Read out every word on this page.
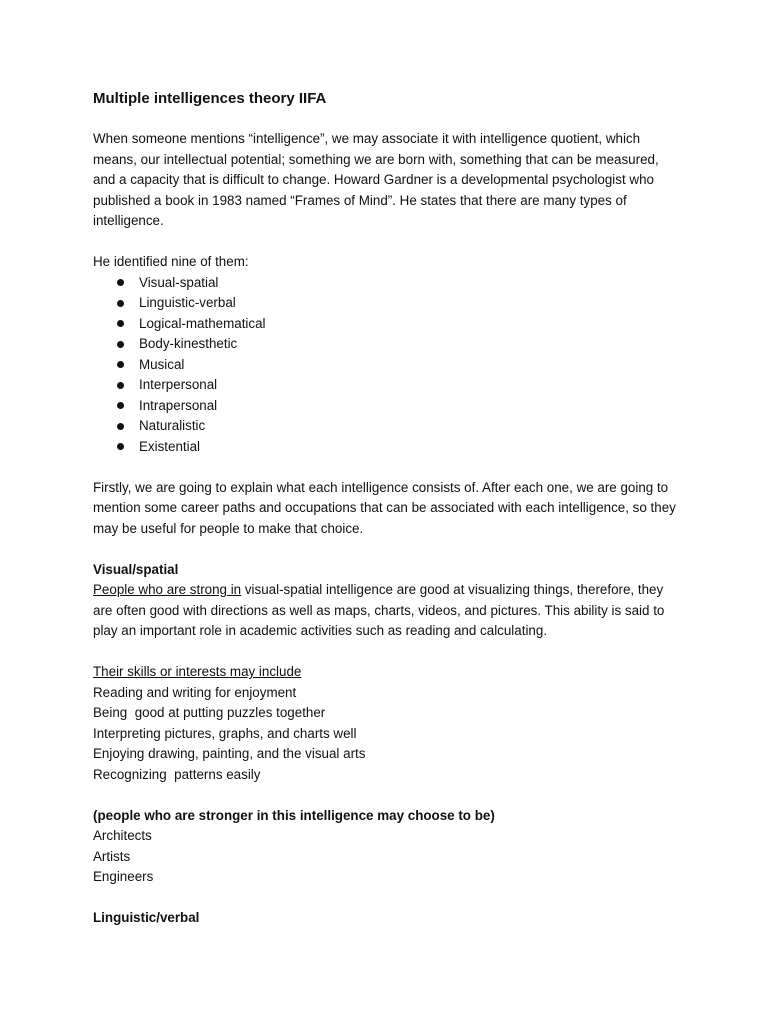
Multiple intelligences theory IIFA

When someone mentions “intelligence”, we may associate it with intelligence quotient, which means, our intellectual potential; something we are born with, something that can be measured, and a capacity that is difficult to change. Howard Gardner is a developmental psychologist who published a book in 1983 named “Frames of Mind”. He states that there are many types of intelligence.

He identified nine of them:

Visual-spatial
Linguistic-verbal
Logical-mathematical
Body-kinesthetic
Musical
Interpersonal
Intrapersonal
Naturalistic
Existential

Firstly, we are going to explain what each intelligence consists of. After each one, we are going to mention some career paths and occupations that can be associated with each intelligence, so they may be useful for people to make that choice.

Visual/spatial

People who are strong in visual-spatial intelligence are good at visualizing things, therefore, they are often good with directions as well as maps, charts, videos, and pictures. This ability is said to play an important role in academic activities such as reading and calculating.

Their skills or interests may include
Reading and writing for enjoyment
Being  good at putting puzzles together
Interpreting pictures, graphs, and charts well
Enjoying drawing, painting, and the visual arts
Recognizing  patterns easily
(people who are stronger in this intelligence may choose to be)
Architects
Artists
Engineers
Linguistic/verbal
